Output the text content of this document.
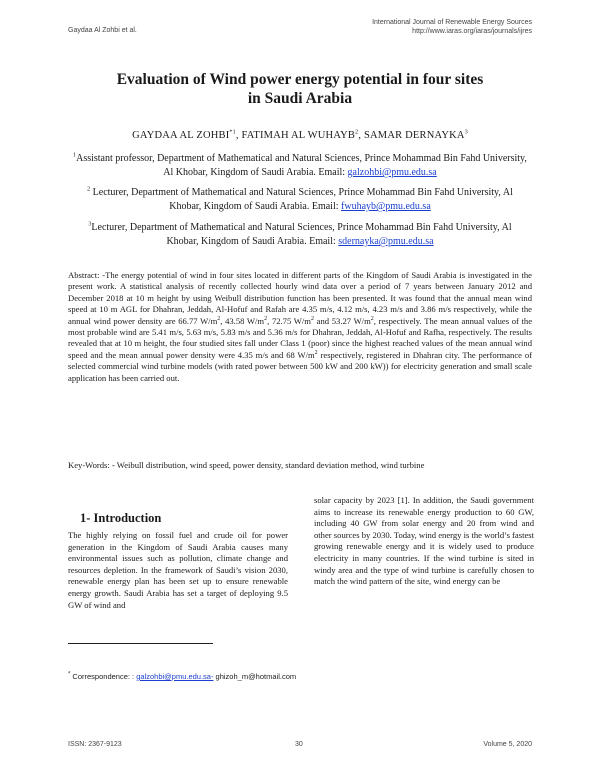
Gaydaa Al Zohbi et al.
International Journal of Renewable Energy Sources
http://www.iaras.org/iaras/journals/ijres
Evaluation of Wind power energy potential in four sites
in Saudi Arabia
GAYDAA AL ZOHBI$^{*1}$, FATIMAH AL WUHAYB$^2$, SAMAR DERNAYKA$^3$
$^1$Assistant professor, Department of Mathematical and Natural Sciences, Prince Mohammad Bin Fahd University, Al Khobar, Kingdom of Saudi Arabia. Email: galzohbi@pmu.edu.sa
$^2$ Lecturer, Department of Mathematical and Natural Sciences, Prince Mohammad Bin Fahd University, Al Khobar, Kingdom of Saudi Arabia. Email: fwuhayb@pmu.edu.sa
$^3$Lecturer, Department of Mathematical and Natural Sciences, Prince Mohammad Bin Fahd University, Al Khobar, Kingdom of Saudi Arabia. Email: sdernayka@pmu.edu.sa
Abstract: -The energy potential of wind in four sites located in different parts of the Kingdom of Saudi Arabia is investigated in the present work. A statistical analysis of recently collected hourly wind data over a period of 7 years between January 2012 and December 2018 at 10 m height by using Weibull distribution function has been presented. It was found that the annual mean wind speed at 10 m AGL for Dhahran, Jeddah, Al-Hofuf and Rafah are 4.35 m/s, 4.12 m/s, 4.23 m/s and 3.86 m/s respectively, while the annual wind power density are 66.77 $W/m^2$, 43.58 $W/m^2$, 72.75 $W/m^2$ and 53.27 $W/m^2$, respectively. The mean annual values of the most probable wind are 5.41 m/s, 5.63 m/s, 5.83 m/s and 5.36 m/s for Dhahran, Jeddah, Al-Hofuf and Rafha, respectively. The results revealed that at 10 m height, the four studied sites fall under Class 1 (poor) since the highest reached values of the mean annual wind speed and the mean annual power density were 4.35 m/s and 68 $W/m^2$ respectively, registered in Dhahran city. The performance of selected commercial wind turbine models (with rated power between 500 kW and 200 kW)) for electricity generation and small scale application has been carried out.
Key-Words: - Weibull distribution, wind speed, power density, standard deviation method, wind turbine
1- Introduction
The highly relying on fossil fuel and crude oil for power generation in the Kingdom of Saudi Arabia causes many environmental issues such as pollution, climate change and resources depletion. In the framework of Saudi’s vision 2030, renewable energy plan has been set up to ensure renewable energy growth. Saudi Arabia has set a target of deploying 9.5 GW of wind and
solar capacity by 2023 [1]. In addition, the Saudi government aims to increase its renewable energy production to 60 GW, including 40 GW from solar energy and 20 from wind and other sources by 2030. Today, wind energy is the world’s fastest growing renewable energy and it is widely used to produce electricity in many countries. If the wind turbine is sited in windy area and the type of wind turbine is carefully chosen to match the wind pattern of the site, wind energy can be
* Correspondence: : galzohbi@pmu.edu.sa- ghizoh_m@hotmail.com
ISSN: 2367-9123	30	Volume 5, 2020
